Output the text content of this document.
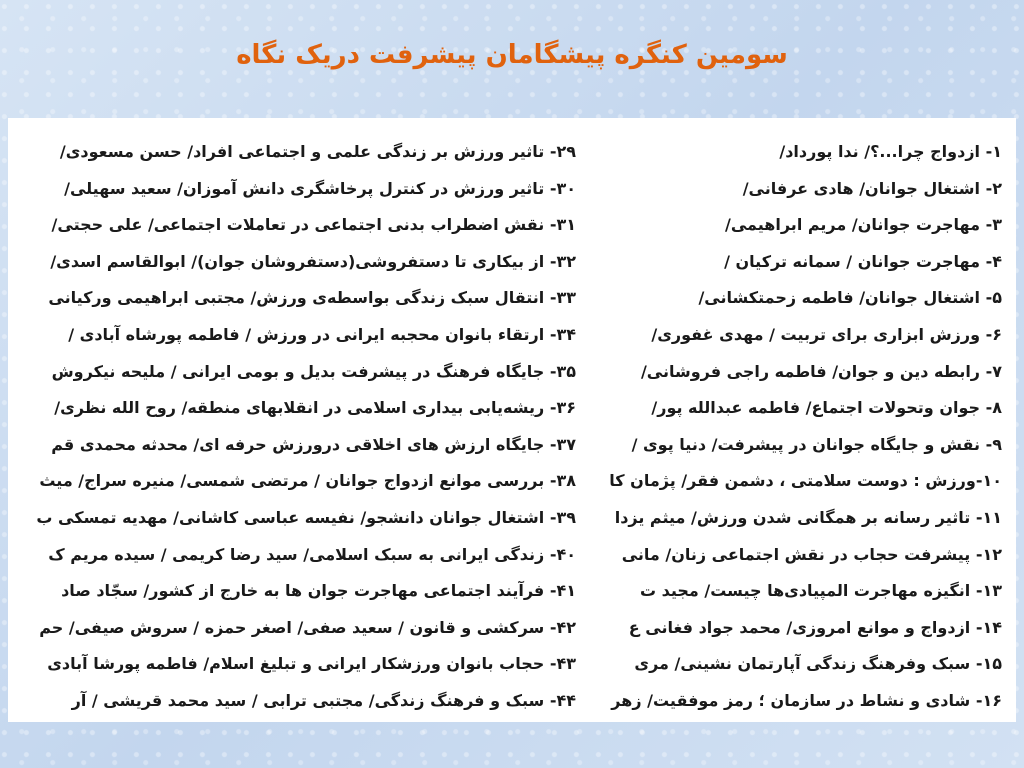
سومین کنگره پیشگامان پیشرفت دریک نگاه
۱- ازدواج چرا...؟/ ندا پورداد/
۲- اشتغال جوانان/ هادی عرفانی/
۳- مهاجرت جوانان/ مریم ابراهیمی/
۴- مهاجرت جوانان / سمانه ترکیان /
۵- اشتغال جوانان/ فاطمه زحمتکشانی/
۶- ورزش ابزاری برای تربیت / مهدی غفوری/
۷- رابطه دین و جوان/ فاطمه راجی فروشانی/
۸- جوان وتحولات اجتماع/ فاطمه عبدالله پور/
۹- نقش و جایگاه جوانان در پیشرفت/ دنیا پوی /
۱۰-ورزش : دوست سلامتی ، دشمن فقر/ پژمان کا
۱۱- تاثیر رسانه بر همگانی شدن ورزش/ میثم یزدا
۱۲- پیشرفت حجاب در نقش اجتماعی زنان/ مانی
۱۳- انگیزه مهاجرت المپیادی‌ها چیست/ مجید ت
۱۴- ازدواج و موانع امروزی/ محمد جواد فغانی ع
۱۵- سبک وفرهنگ زندگی آپارتمان نشینی/ مری
۱۶- شادی و نشاط در سازمان ؛ رمز موفقیت/ زهر
۲۹- تاثیر ورزش بر زندگی علمی و اجتماعی افراد/ حسن مسعودی/
۳۰- تاثیر ورزش در کنترل پرخاشگری دانش آموزان/ سعید سهیلی/
۳۱- نقش اضطراب بدنی اجتماعی در تعاملات اجتماعی/ علی حجتی/
۳۲- از بیکاری تا دستفروشی(دستفروشان جوان)/ ابوالقاسم اسدی/
۳۳- انتقال سبک زندگی بواسطه‌ی ورزش/ مجتبی ابراهیمی ورکیانی
۳۴- ارتقاء بانوان محجبه ایرانی در ورزش / فاطمه پورشاه آبادی /
۳۵- جایگاه فرهنگ در پیشرفت بدیل و بومی ایرانی / ملیحه نیکروش
۳۶- ریشه‌یابی بیداری اسلامی در انقلابهای منطقه/ روح الله نظری/
۳۷- جایگاه ارزش های اخلاقی درورزش حرفه ای/ محدثه محمدی قم
۳۸- بررسی موانع ازدواج جوانان / مرتضی شمسی/ منیره سراج/ میث
۳۹- اشتغال جوانان دانشجو/ نفیسه عباسی کاشانی/ مهدیه تمسکی ب
۴۰- زندگی ایرانی به سبک اسلامی/ سید رضا کریمی / سیده مریم ک
۴۱- فرآیند اجتماعی مهاجرت جوان ها به خارج از کشور/ سجّاد صاد
۴۲- سرکشی و قانون / سعید صفی/ اصغر حمزه / سروش صیفی/ حم
۴۳- حجاب بانوان ورزشکار ایرانی و تبلیغ اسلام/ فاطمه پورشا آبادی
۴۴- سبک و فرهنگ زندگی/ مجتبی ترابی / سید محمد قریشی / آر
